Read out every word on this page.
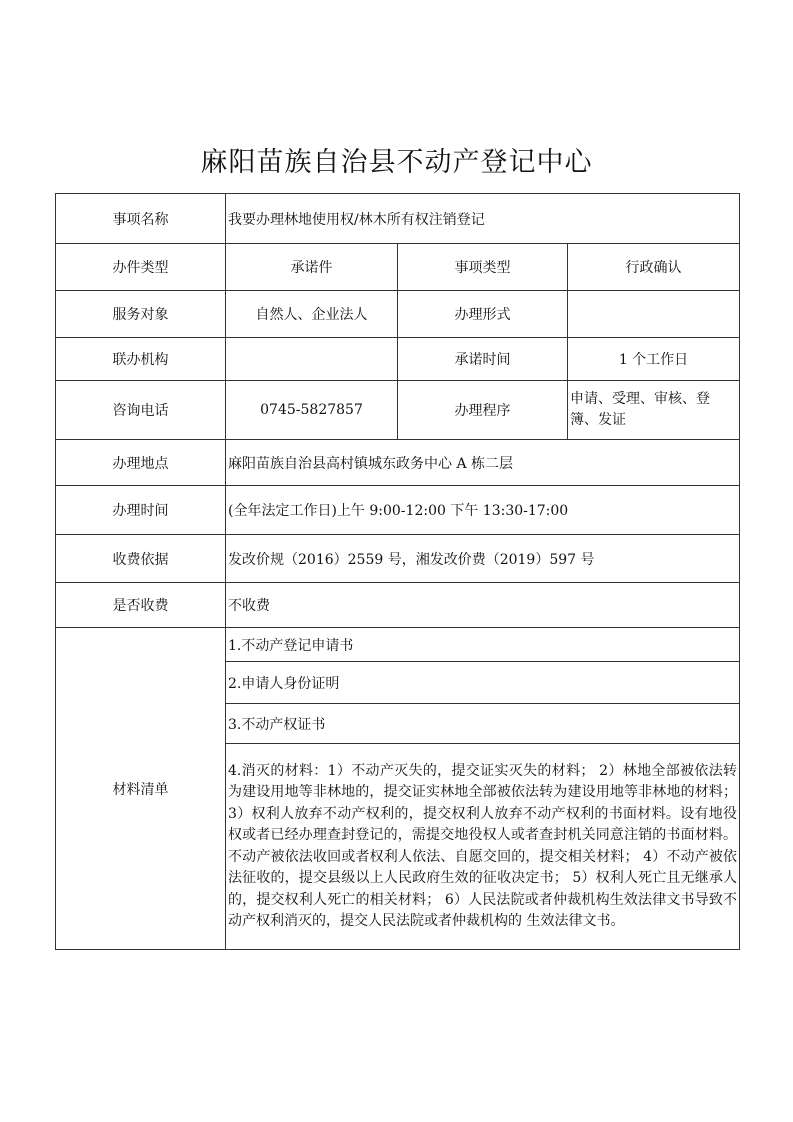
麻阳苗族自治县不动产登记中心
事项名称	我要办理林地使用权/林木所有权注销登记		
办件类型	承诺件	事项类型	行政确认
服务对象	自然人、企业法人	办理形式	
联办机构		承诺时间	1 个工作日
咨询电话	0745-5827857	办理程序	申请、受理、审核、登簿、发证
办理地点	麻阳苗族自治县高村镇城东政务中心 A 栋二层		
办理时间	(全年法定工作日)上午 9:00-12:00 下午 13:30-17:00		
收费依据	发改价规（2016）2559 号，湘发改价费（2019）597 号		
是否收费	不收费		
材料清单	1.不动产登记申请书		
	2.申请人身份证明		
	3.不动产权证书		
	4.消灭的材料：1）不动产灭失的，提交证实灭失的材料； 2）林地全部被依法转为建设用地等非林地的，提交证实林地全部被依法转为建设用地等非林地的材料；3）权利人放弃不动产权利的，提交权利人放弃不动产权利的书面材料。设有地役权或者已经办理查封登记的，需提交地役权人或者查封机关同意注销的书面材料。不动产被依法收回或者权利人依法、自愿交回的，提交相关材料； 4）不动产被依法征收的，提交县级以上人民政府生效的征收决定书； 5）权利人死亡且无继承人的，提交权利人死亡的相关材料； 6）人民法院或者仲裁机构生效法律文书导致不动产权利消灭的，提交人民法院或者仲裁机构的 生效法律文书。		
